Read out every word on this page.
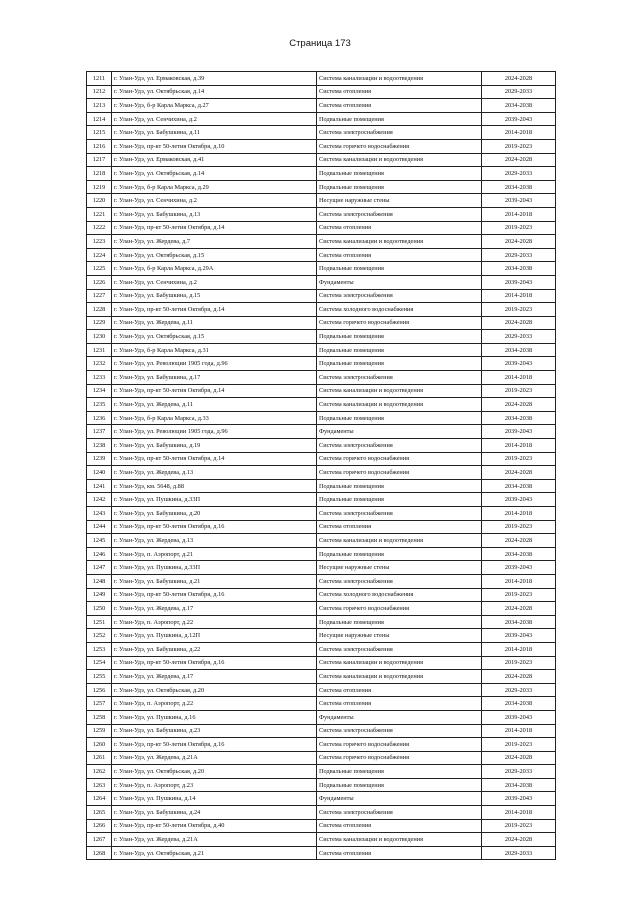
Страница 173
1211	г. Улан-Удэ, ул. Ермаковская, д.39	Система канализации и водоотведения	2024-2028
1212	г. Улан-Удэ, ул. Октябрьская, д.14	Система отопления	2029-2033
1213	г. Улан-Удэ, б-р Карла Маркса, д.27	Система отопления	2034-2038
1214	г. Улан-Удэ, ул. Сенчихина, д.2	Подвальные помещения	2039-2043
1215	г. Улан-Удэ, ул. Бабушкина, д.11	Система электроснабжения	2014-2018
1216	г. Улан-Удэ, пр-кт 50-летия Октября, д.10	Система горячего водоснабжения	2019-2023
1217	г. Улан-Удэ, ул. Ермаковская, д.41	Система канализации и водоотведения	2024-2028
1218	г. Улан-Удэ, ул. Октябрьская, д.14	Подвальные помещения	2029-2033
1219	г. Улан-Удэ, б-р Карла Маркса, д.29	Подвальные помещения	2034-2038
1220	г. Улан-Удэ, ул. Сенчихина, д.2	Несущие наружные стены	2039-2043
1221	г. Улан-Удэ, ул. Бабушкина, д.13	Система электроснабжения	2014-2018
1222	г. Улан-Удэ, пр-кт 50-летия Октября, д.14	Система отопления	2019-2023
1223	г. Улан-Удэ, ул. Жердева, д.7	Система канализации и водоотведения	2024-2028
1224	г. Улан-Удэ, ул. Октябрьская, д.15	Система отопления	2029-2033
1225	г. Улан-Удэ, б-р Карла Маркса, д.29А	Подвальные помещения	2034-2038
1226	г. Улан-Удэ, ул. Сенчихина, д.2	Фундаменты	2039-2043
1227	г. Улан-Удэ, ул. Бабушкина, д.15	Система электроснабжения	2014-2018
1228	г. Улан-Удэ, пр-кт 50-летия Октября, д.14	Система холодного водоснабжения	2019-2023
1229	г. Улан-Удэ, ул. Жердева, д.11	Система горячего водоснабжения	2024-2028
1230	г. Улан-Удэ, ул. Октябрьская, д.15	Подвальные помещения	2029-2033
1231	г. Улан-Удэ, б-р Карла Маркса, д.31	Подвальные помещения	2034-2038
1232	г. Улан-Удэ, ул. Революции 1905 года, д.96	Подвальные помещения	2039-2043
1233	г. Улан-Удэ, ул. Бабушкина, д.17	Система электроснабжения	2014-2018
1234	г. Улан-Удэ, пр-кт 50-летия Октября, д.14	Система канализации и водоотведения	2019-2023
1235	г. Улан-Удэ, ул. Жердева, д.11	Система канализации и водоотведения	2024-2028
1236	г. Улан-Удэ, б-р Карла Маркса, д.33	Подвальные помещения	2034-2038
1237	г. Улан-Удэ, ул. Революции 1905 года, д.96	Фундаменты	2039-2043
1238	г. Улан-Удэ, ул. Бабушкина, д.19	Система электроснабжения	2014-2018
1239	г. Улан-Удэ, пр-кт 50-летия Октября, д.14	Система горячего водоснабжения	2019-2023
1240	г. Улан-Удэ, ул. Жердева, д.13	Система горячего водоснабжения	2024-2028
1241	г. Улан-Удэ, км. 5648, д.88	Подвальные помещения	2034-2038
1242	г. Улан-Удэ, ул. Пушкина, д.33П	Подвальные помещения	2039-2043
1243	г. Улан-Удэ, ул. Бабушкина, д.20	Система электроснабжения	2014-2018
1244	г. Улан-Удэ, пр-кт 50-летия Октября, д.16	Система отопления	2019-2023
1245	г. Улан-Удэ, ул. Жердева, д.13	Система канализации и водоотведения	2024-2028
1246	г. Улан-Удэ, п. Аэропорт, д.21	Подвальные помещения	2034-2038
1247	г. Улан-Удэ, ул. Пушкина, д.33П	Несущие наружные стены	2039-2043
1248	г. Улан-Удэ, ул. Бабушкина, д.21	Система электроснабжения	2014-2018
1249	г. Улан-Удэ, пр-кт 50-летия Октября, д.16	Система холодного водоснабжения	2019-2023
1250	г. Улан-Удэ, ул. Жердева, д.17	Система горячего водоснабжения	2024-2028
1251	г. Улан-Удэ, п. Аэропорт, д.22	Подвальные помещения	2034-2038
1252	г. Улан-Удэ, ул. Пушкина, д.12П	Несущие наружные стены	2039-2043
1253	г. Улан-Удэ, ул. Бабушкина, д.22	Система электроснабжения	2014-2018
1254	г. Улан-Удэ, пр-кт 50-летия Октября, д.16	Система канализации и водоотведения	2019-2023
1255	г. Улан-Удэ, ул. Жердева, д.17	Система канализации и водоотведения	2024-2028
1256	г. Улан-Удэ, ул. Октябрьская, д.20	Система отопления	2029-2033
1257	г. Улан-Удэ, п. Аэропорт, д.22	Система отопления	2034-2038
1258	г. Улан-Удэ, ул. Пушкина, д.16	Фундаменты	2039-2043
1259	г. Улан-Удэ, ул. Бабушкина, д.23	Система электроснабжения	2014-2018
1260	г. Улан-Удэ, пр-кт 50-летия Октября, д.16	Система горячего водоснабжения	2019-2023
1261	г. Улан-Удэ, ул. Жердева, д.21А	Система горячего водоснабжения	2024-2028
1262	г. Улан-Удэ, ул. Октябрьская, д.20	Подвальные помещения	2029-2033
1263	г. Улан-Удэ, п. Аэропорт, д.23	Подвальные помещения	2034-2038
1264	г. Улан-Удэ, ул. Пушкина, д.14	Фундаменты	2039-2043
1265	г. Улан-Удэ, ул. Бабушкина, д.24	Система электроснабжения	2014-2018
1266	г. Улан-Удэ, пр-кт 50-летия Октября, д.40	Система отопления	2019-2023
1267	г. Улан-Удэ, ул. Жердева, д.21А	Система канализации и водоотведения	2024-2028
1268	г. Улан-Удэ, ул. Октябрьская, д.21	Система отопления	2029-2033
